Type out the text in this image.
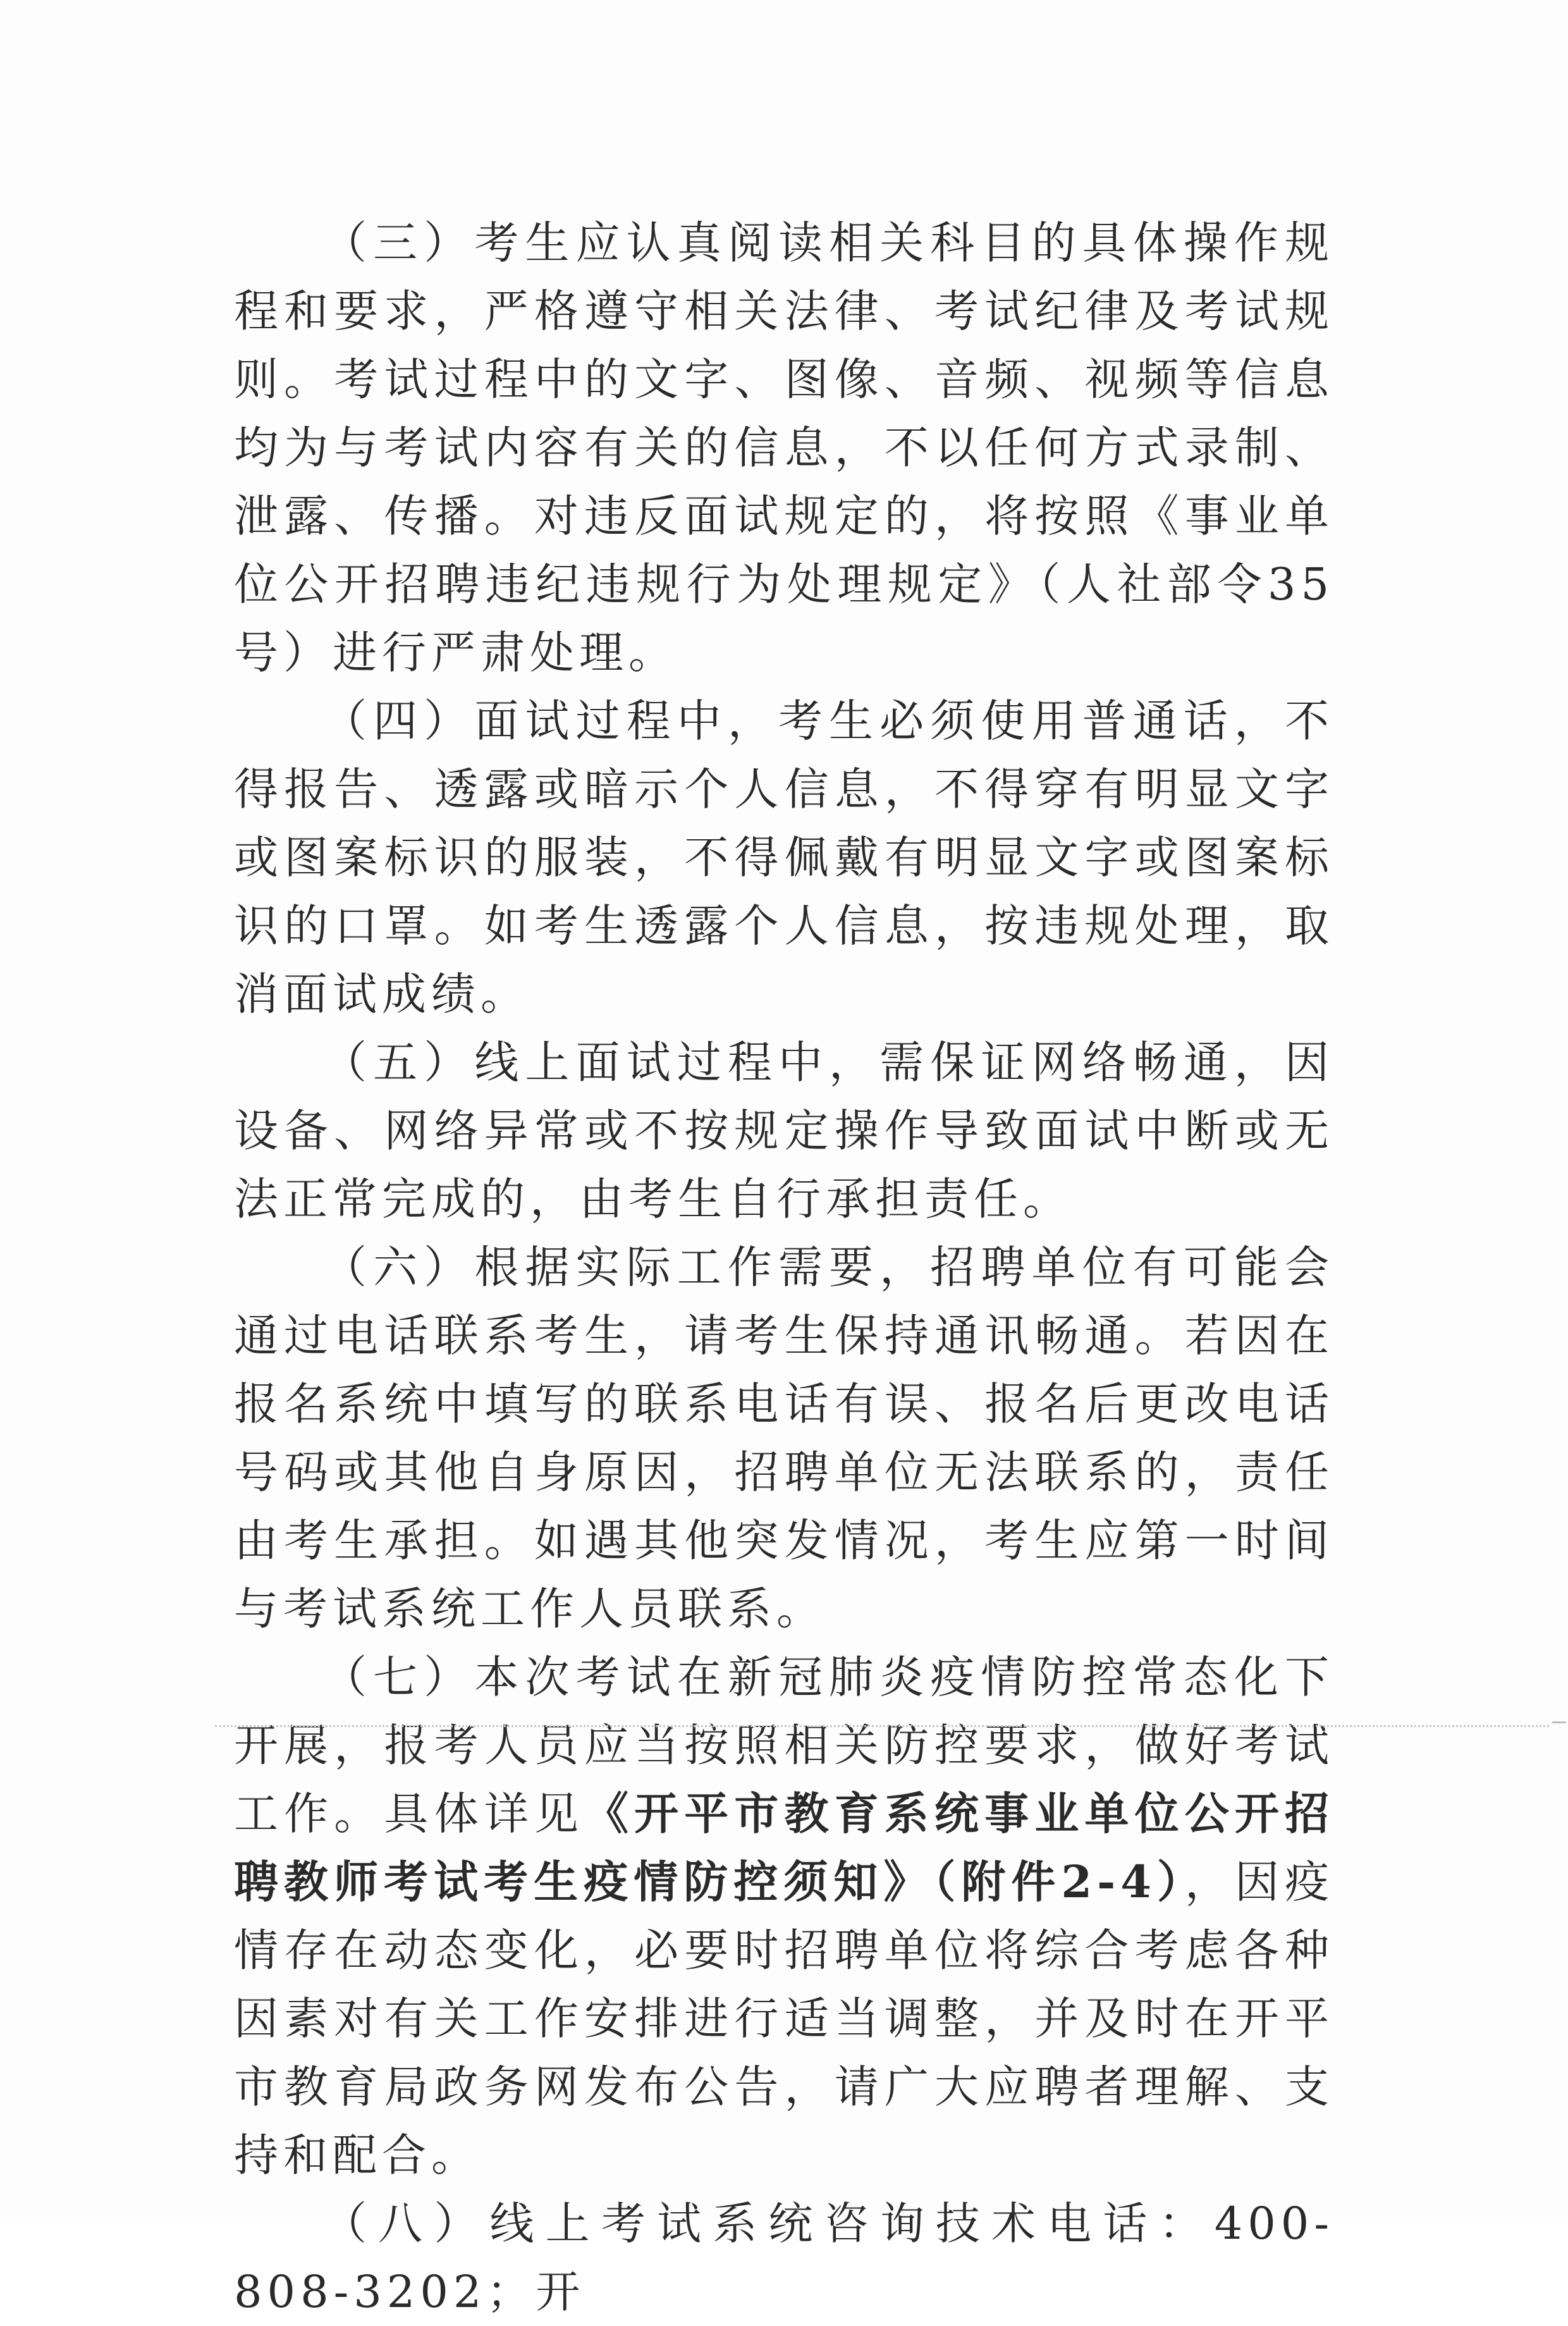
（三）考生应认真阅读相关科目的具体操作规程和要求，严格遵守相关法律、考试纪律及考试规则。考试过程中的文字、图像、音频、视频等信息均为与考试内容有关的信息，不以任何方式录制、泄露、传播。对违反面试规定的，将按照《事业单位公开招聘违纪违规行为处理规定》（人社部令35号）进行严肃处理。

（四）面试过程中，考生必须使用普通话，不得报告、透露或暗示个人信息，不得穿有明显文字或图案标识的服装，不得佩戴有明显文字或图案标识的口罩。如考生透露个人信息，按违规处理，取消面试成绩。

（五）线上面试过程中，需保证网络畅通，因设备、网络异常或不按规定操作导致面试中断或无法正常完成的，由考生自行承担责任。

（六）根据实际工作需要，招聘单位有可能会通过电话联系考生，请考生保持通讯畅通。若因在报名系统中填写的联系电话有误、报名后更改电话号码或其他自身原因，招聘单位无法联系的，责任由考生承担。如遇其他突发情况，考生应第一时间与考试系统工作人员联系。

（七）本次考试在新冠肺炎疫情防控常态化下开展，报考人员应当按照相关防控要求，做好考试工作。具体详见《开平市教育系统事业单位公开招聘教师考试考生疫情防控须知》（附件2-4），因疫情存在动态变化，必要时招聘单位将综合考虑各种因素对有关工作安排进行适当调整，并及时在开平市教育局政务网发布公告，请广大应聘者理解、支持和配合。

（八）线上考试系统咨询技术电话：400-808-3202；开
